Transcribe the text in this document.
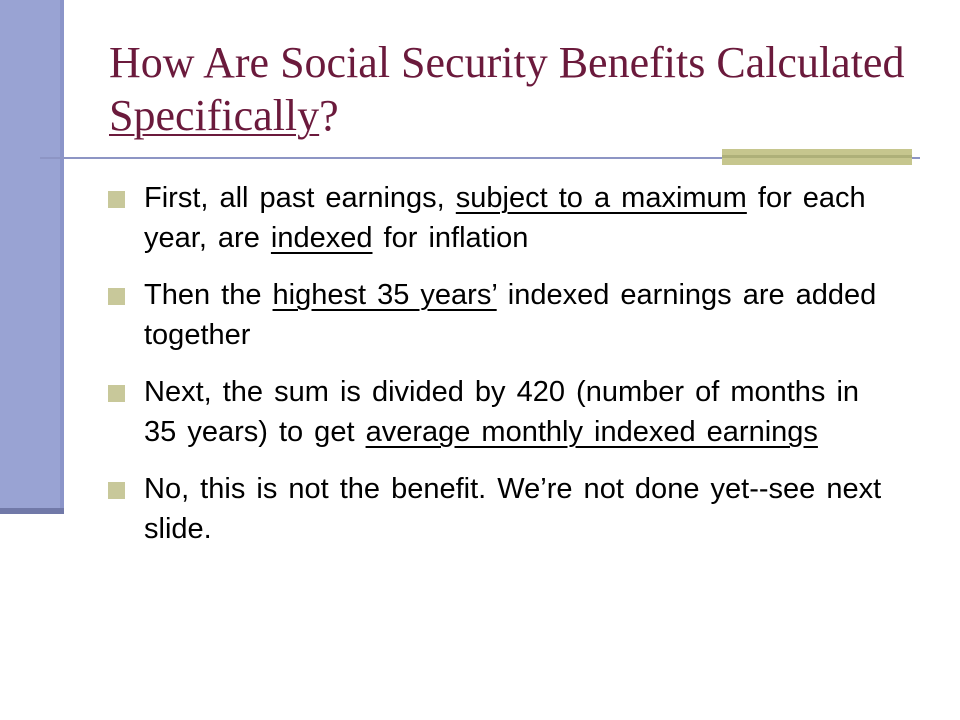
How Are Social Security Benefits Calculated Specifically?
First, all past earnings, subject to a maximum for each year, are indexed for inflation
Then the highest 35 years’ indexed earnings are added together
Next, the sum is divided by 420 (number of months in 35 years) to get average monthly indexed earnings
No, this is not the benefit. We’re not done yet--see next slide.
